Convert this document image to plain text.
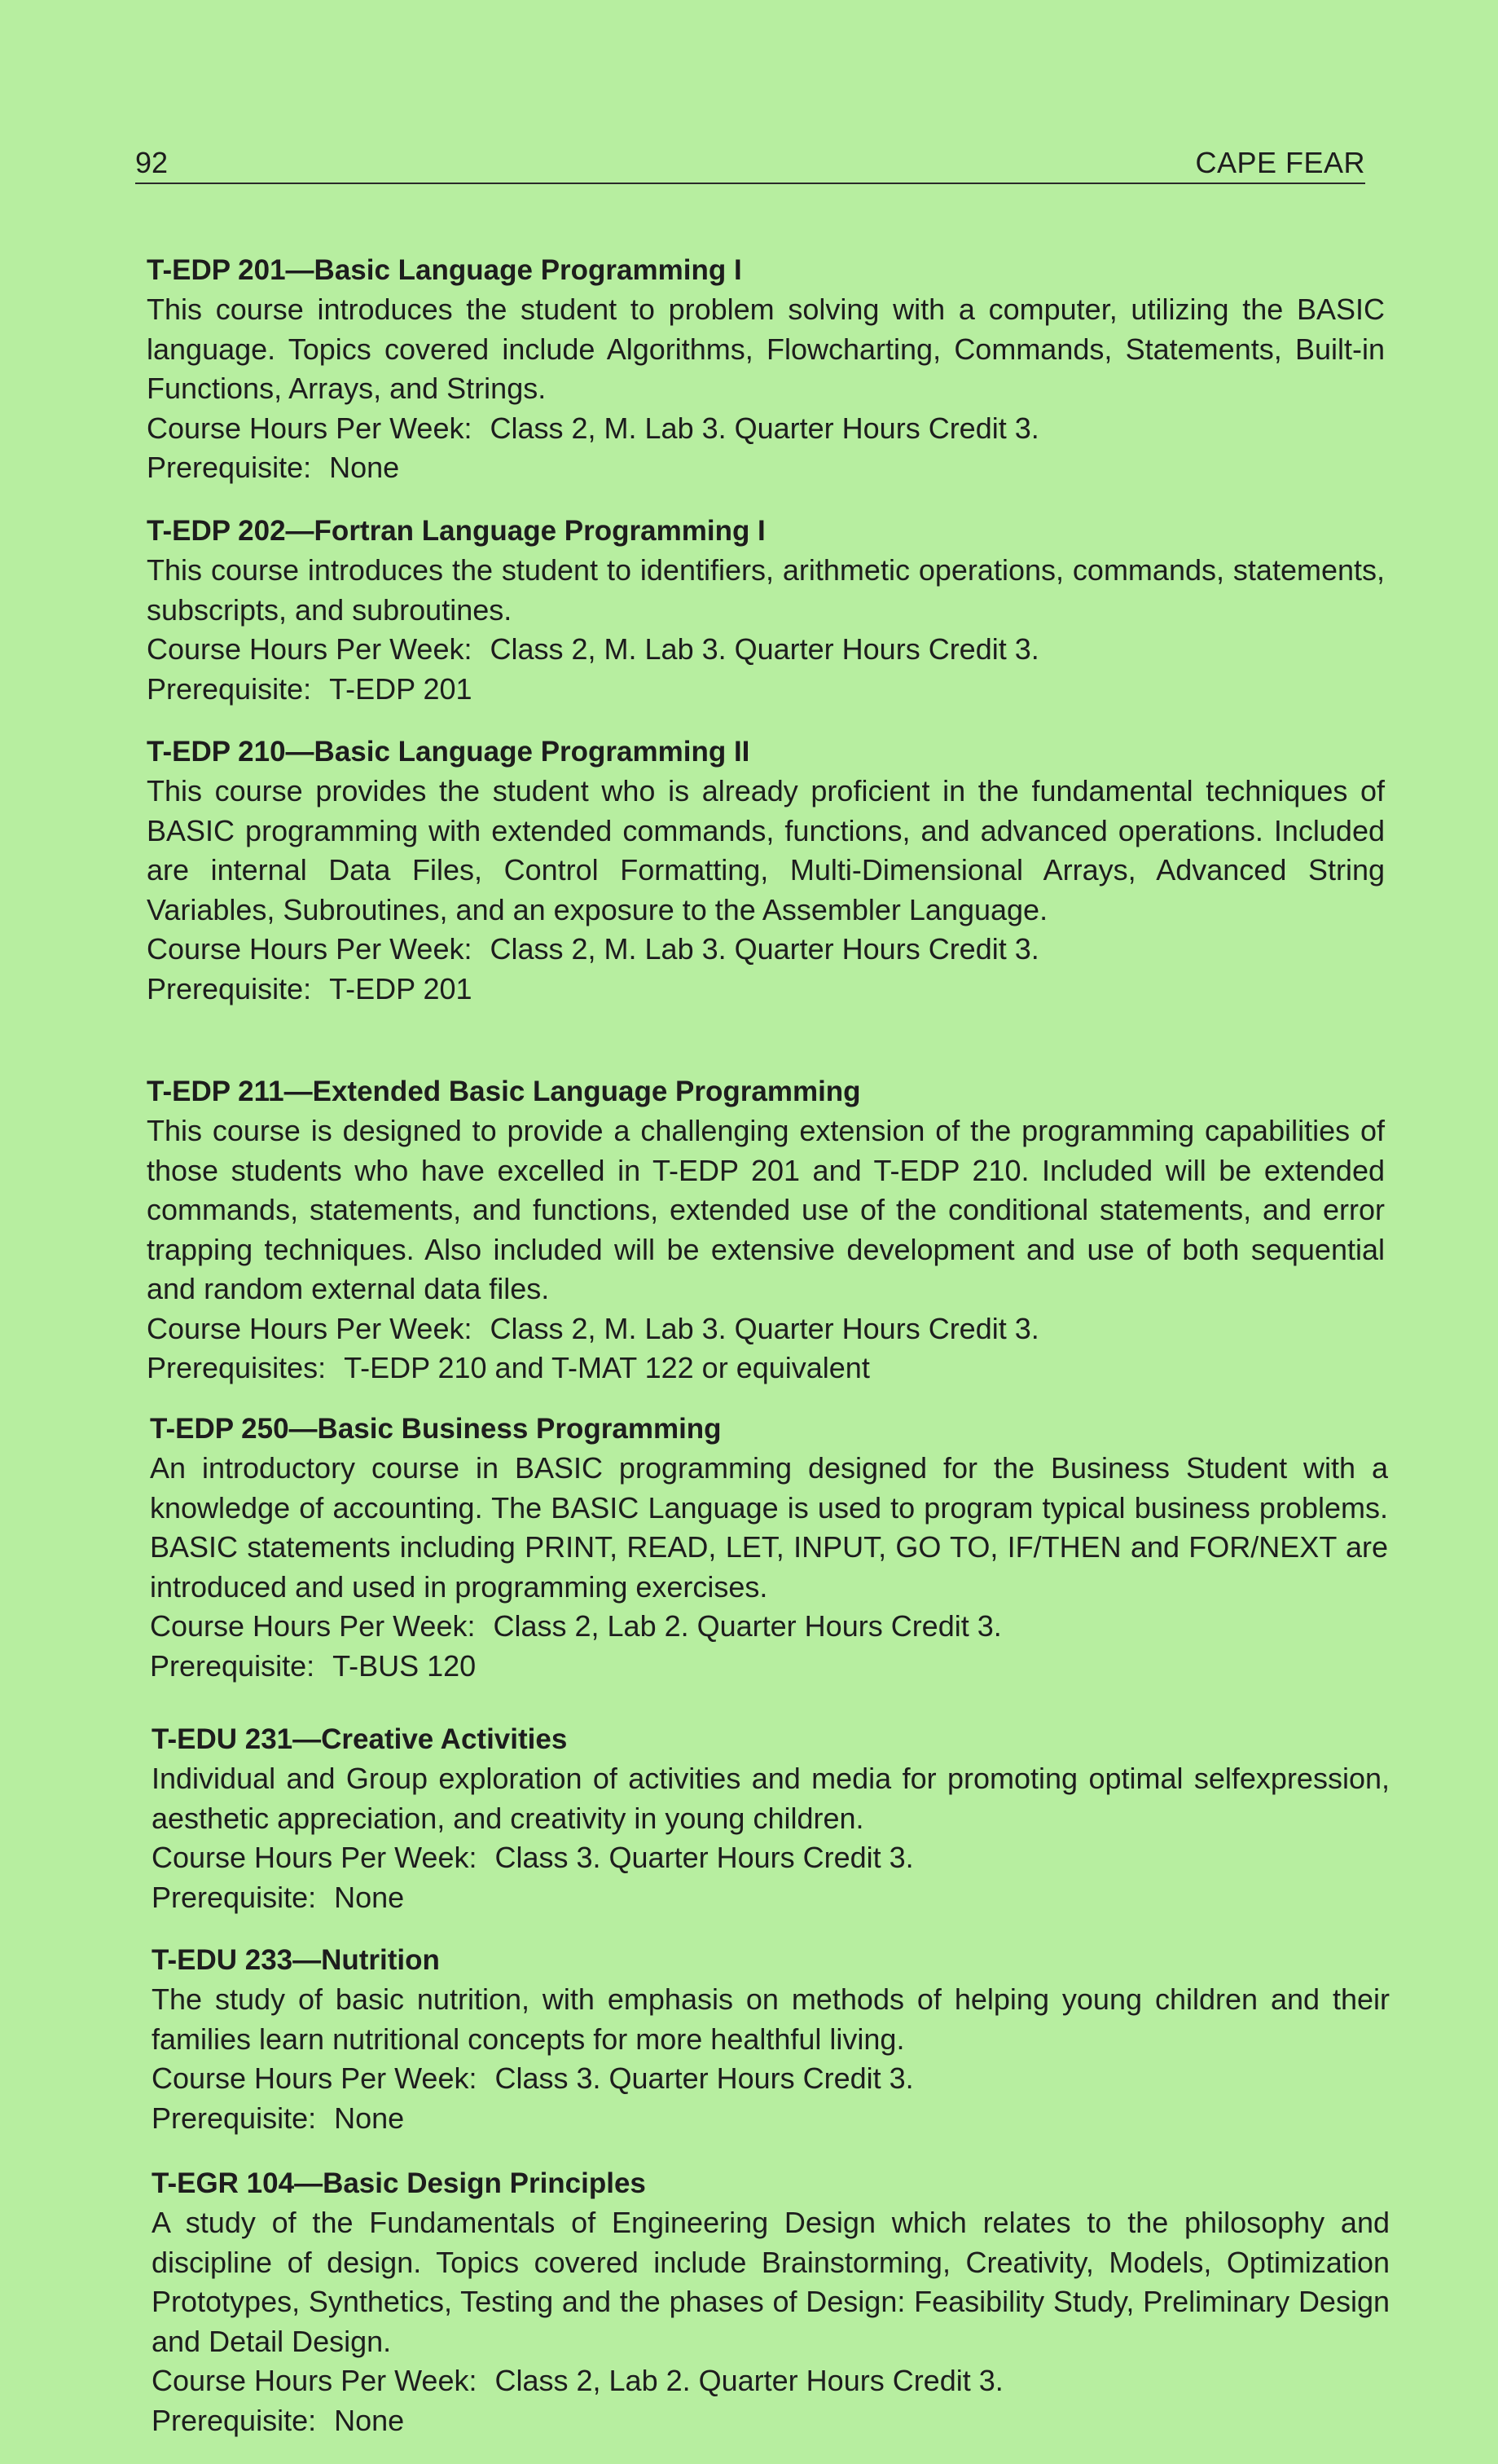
92	CAPE FEAR

T-EDP 201—Basic Language Programming I

This course introduces the student to problem solving with a computer, utilizing the BASIC language. Topics covered include Algorithms, Flowcharting, Commands, Statements, Built-in Functions, Arrays, and Strings.

Course Hours Per Week: Class 2, M. Lab 3. Quarter Hours Credit 3.

Prerequisite: None

T-EDP 202—Fortran Language Programming I

This course introduces the student to identifiers, arithmetic operations, commands, statements, subscripts, and subroutines.

Course Hours Per Week: Class 2, M. Lab 3. Quarter Hours Credit 3.

Prerequisite: T-EDP 201

T-EDP 210—Basic Language Programming II

This course provides the student who is already proficient in the fundamental techniques of BASIC programming with extended commands, functions, and advanced operations. Included are internal Data Files, Control Formatting, Multi-Dimensional Arrays, Advanced String Variables, Subroutines, and an exposure to the Assembler Language.

Course Hours Per Week: Class 2, M. Lab 3. Quarter Hours Credit 3.

Prerequisite: T-EDP 201

T-EDP 211—Extended Basic Language Programming

This course is designed to provide a challenging extension of the programming capabilities of those students who have excelled in T-EDP 201 and T-EDP 210. Included will be extended commands, statements, and functions, extended use of the conditional statements, and error trapping techniques. Also included will be extensive development and use of both sequential and random external data files.

Course Hours Per Week: Class 2, M. Lab 3. Quarter Hours Credit 3.

Prerequisites: T-EDP 210 and T-MAT 122 or equivalent

T-EDP 250—Basic Business Programming

An introductory course in BASIC programming designed for the Business Student with a knowledge of accounting. The BASIC Language is used to program typical business problems. BASIC statements including PRINT, READ, LET, INPUT, GO TO, IF/THEN and FOR/NEXT are introduced and used in programming exercises.

Course Hours Per Week: Class 2, Lab 2. Quarter Hours Credit 3.

Prerequisite: T-BUS 120

T-EDU 231—Creative Activities

Individual and Group exploration of activities and media for promoting optimal selfexpression, aesthetic appreciation, and creativity in young children.

Course Hours Per Week: Class 3. Quarter Hours Credit 3.

Prerequisite: None

T-EDU 233—Nutrition

The study of basic nutrition, with emphasis on methods of helping young children and their families learn nutritional concepts for more healthful living.

Course Hours Per Week: Class 3. Quarter Hours Credit 3.

Prerequisite: None

T-EGR 104—Basic Design Principles

A study of the Fundamentals of Engineering Design which relates to the philosophy and discipline of design. Topics covered include Brainstorming, Creativity, Models, Optimization Prototypes, Synthetics, Testing and the phases of Design: Feasibility Study, Preliminary Design and Detail Design.

Course Hours Per Week: Class 2, Lab 2. Quarter Hours Credit 3.

Prerequisite: None
